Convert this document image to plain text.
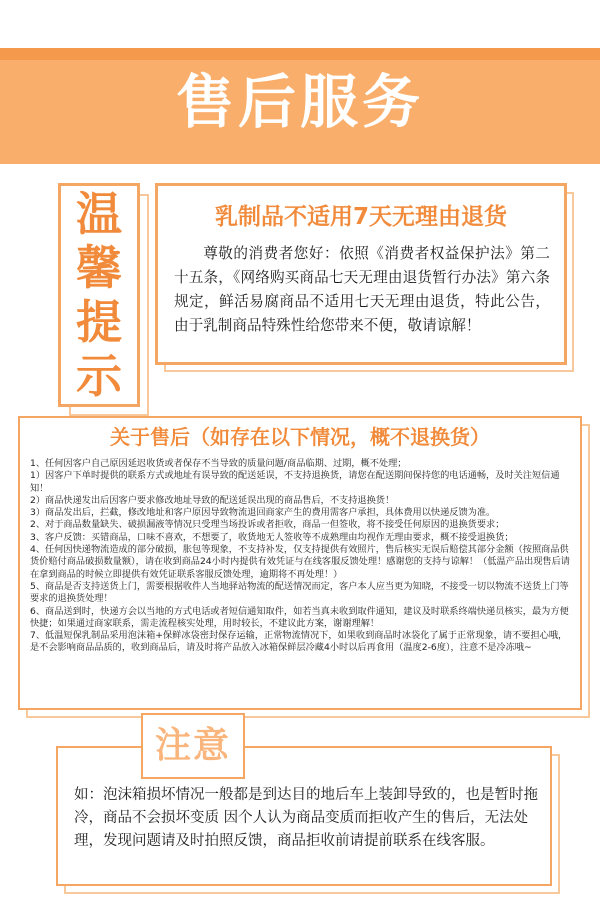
售后服务
温
馨
提
示
乳制品不适用7天无理由退货
尊敬的消费者您好：依照《消费者权益保护法》第二十五条，《网络购买商品七天无理由退货暂行办法》第六条规定，鲜活易腐商品不适用七天无理由退货，特此公告，由于乳制商品特殊性给您带来不便，敬请谅解！
关于售后（如存在以下情况，概不退换货）
1、任何因客户自己原因延迟收货或者保存不当导致的质量问题/商品临期、过期，概不处理；
1）因客户下单时提供的联系方式或地址有误导致的配送延误，不支持退换货，请您在配送期间保持您的电话通畅，及时关注短信通知！
2）商品快递发出后因客户要求修改地址导致的配送延误出现的商品售后，不支持退换货！
3）商品发出后，拦截，修改地址和客户原因导致物流退回商家产生的费用需客户承担，具体费用以快递反馈为准。
2、对于商品数量缺失、破损漏液等情况只受理当场投诉或者拒收，商品一但签收，将不接受任何原因的退换货要求；
3、客户反馈：买错商品，口味不喜欢，不想要了，收货地无人签收等不成熟理由均视作无理由要求，概不接受退换货；
4、任何因快递物流造成的部分破损，胀包等现象，不支持补发，仅支持提供有效照片，售后核实无误后赔偿其部分金额（按照商品供货价赔付商品破损数量额），请在收到商品24小时内提供有效凭证与在线客服反馈处理！感谢您的支持与谅解！（低温产品出现售后请在拿到商品的时候立即提供有效凭证联系客服反馈处理，逾期将不再处理！）
5、商品是否支持送货上门，需要根据收件人当地驿站物流的配送情况而定，客户本人应当更为知晓，不接受一切以物流不送货上门等要求的退换货处理！
6、商品送到时，快递方会以当地的方式电话或者短信通知取件，如若当真未收到取件通知，建议及时联系终端快递员核实，最为方便快捷；如果通过商家联系，需走流程核实处理，用时较长，不建议此方案，谢谢理解！
7、低温短保乳制品采用泡沫箱+保鲜冰袋密封保存运输，正常物流情况下，如果收到商品时冰袋化了属于正常现象，请不要担心哦，是不会影响商品品质的，收到商品后，请及时将产品放入冰箱保鲜层冷藏4小时以后再食用（温度2-6度），注意不是冷冻哦~
注意
如：泡沫箱损坏情况一般都是到达目的地后车上装卸导致的，也是暂时拖冷，商品不会损坏变质 因个人认为商品变质而拒收产生的售后，无法处理，发现问题请及时拍照反馈，商品拒收前请提前联系在线客服。
